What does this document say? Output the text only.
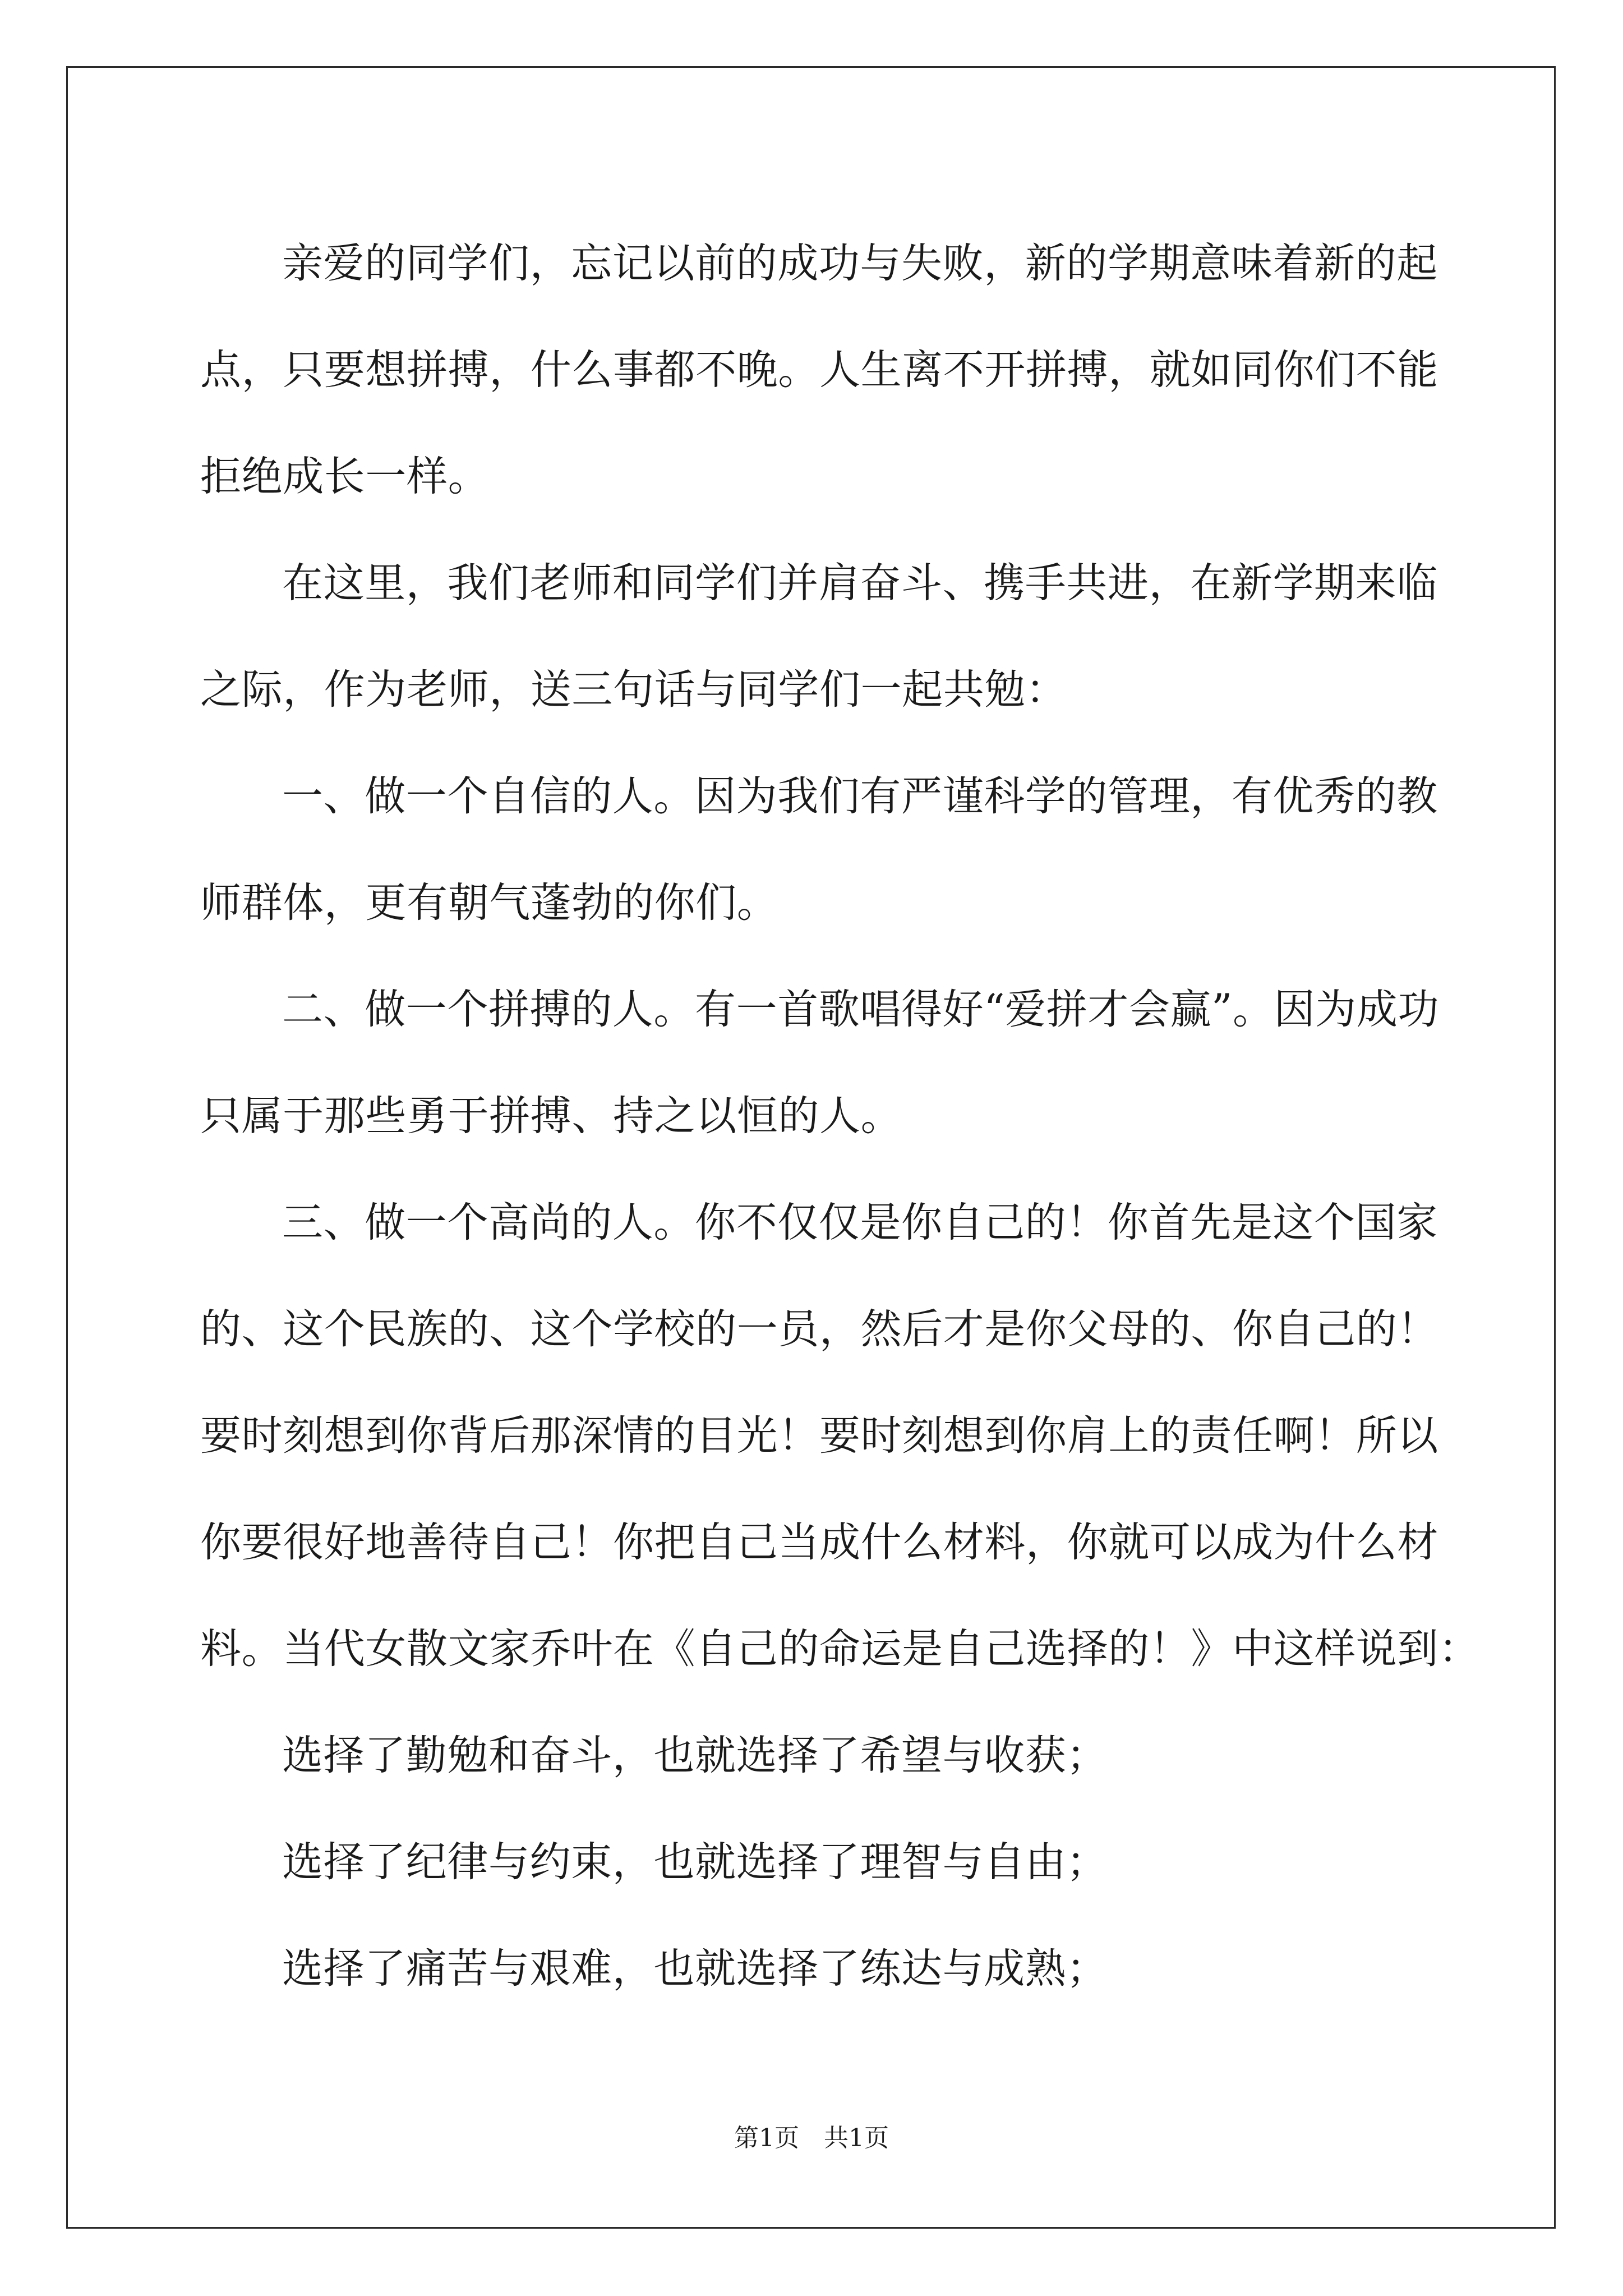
亲爱的同学们，忘记以前的成功与失败，新的学期意味着新的起

点，只要想拼搏，什么事都不晚。人生离不开拼搏，就如同你们不能

拒绝成长一样。

在这里，我们老师和同学们并肩奋斗、携手共进，在新学期来临

之际，作为老师，送三句话与同学们一起共勉：

一、做一个自信的人。因为我们有严谨科学的管理，有优秀的教

师群体，更有朝气蓬勃的你们。

二、做一个拼搏的人。有一首歌唱得好“爱拼才会赢”。因为成功

只属于那些勇于拼搏、持之以恒的人。

三、做一个高尚的人。你不仅仅是你自己的！你首先是这个国家

的、这个民族的、这个学校的一员，然后才是你父母的、你自己的！

要时刻想到你背后那深情的目光！要时刻想到你肩上的责任啊！所以

你要很好地善待自己！你把自己当成什么材料，你就可以成为什么材

料。当代女散文家乔叶在《自己的命运是自己选择的！》中这样说到：

选择了勤勉和奋斗，也就选择了希望与收获；

选择了纪律与约束，也就选择了理智与自由；

选择了痛苦与艰难，也就选择了练达与成熟；

第1页　共1页
